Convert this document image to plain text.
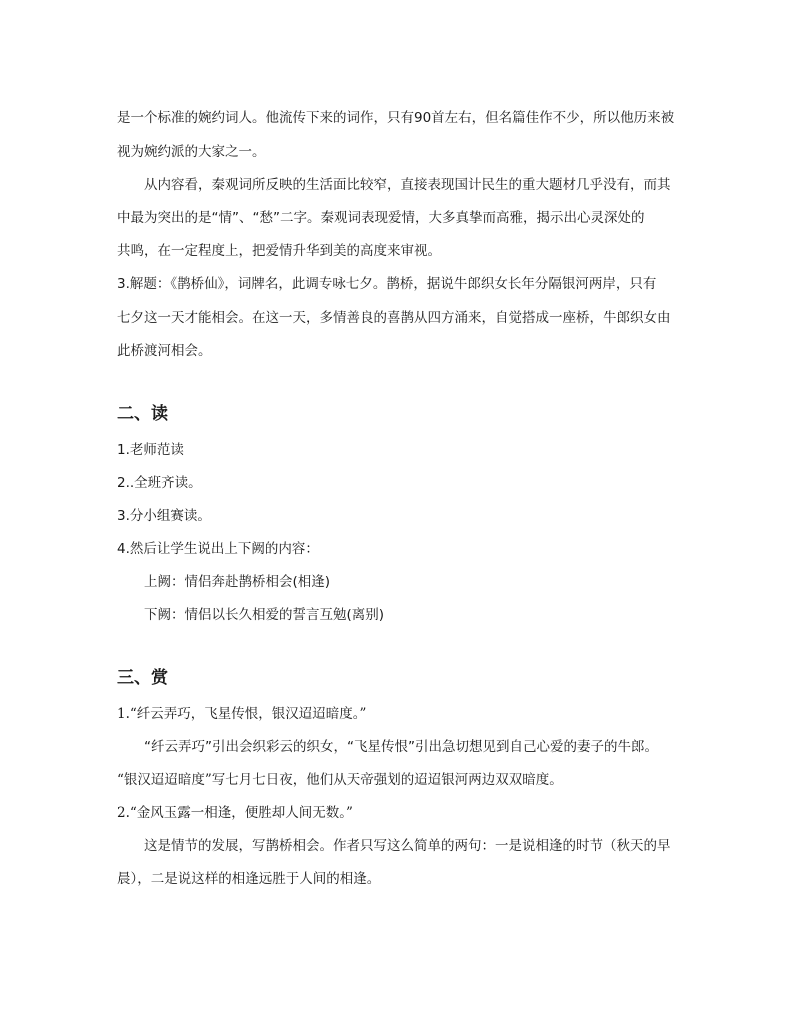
是一个标准的婉约词人。他流传下来的词作，只有90首左右，但名篇佳作不少，所以他历来被
视为婉约派的大家之一。
从内容看，秦观词所反映的生活面比较窄，直接表现国计民生的重大题材几乎没有，而其
中最为突出的是“情”、“愁”二字。秦观词表现爱情，大多真挚而高雅，揭示出心灵深处的
共鸣，在一定程度上，把爱情升华到美的高度来审视。
3.解题：《鹊桥仙》，词牌名，此调专咏七夕。鹊桥，据说牛郎织女长年分隔银河两岸，只有
七夕这一天才能相会。在这一天，多情善良的喜鹊从四方涌来，自觉搭成一座桥，牛郎织女由
此桥渡河相会。
二、读
1.老师范读
2..全班齐读。
3.分小组赛读。
4.然后让学生说出上下阙的内容：
上阙：情侣奔赴鹊桥相会(相逢)
下阙：情侣以长久相爱的誓言互勉(离别)
三、赏
1.“纤云弄巧，飞星传恨，银汉迢迢暗度。”
“纤云弄巧”引出会织彩云的织女，“飞星传恨”引出急切想见到自己心爱的妻子的牛郎。
“银汉迢迢暗度”写七月七日夜，他们从天帝强划的迢迢银河两边双双暗度。
2.“金风玉露一相逢，便胜却人间无数。”
这是情节的发展，写鹊桥相会。作者只写这么简单的两句：一是说相逢的时节（秋天的早
晨），二是说这样的相逢远胜于人间的相逢。
